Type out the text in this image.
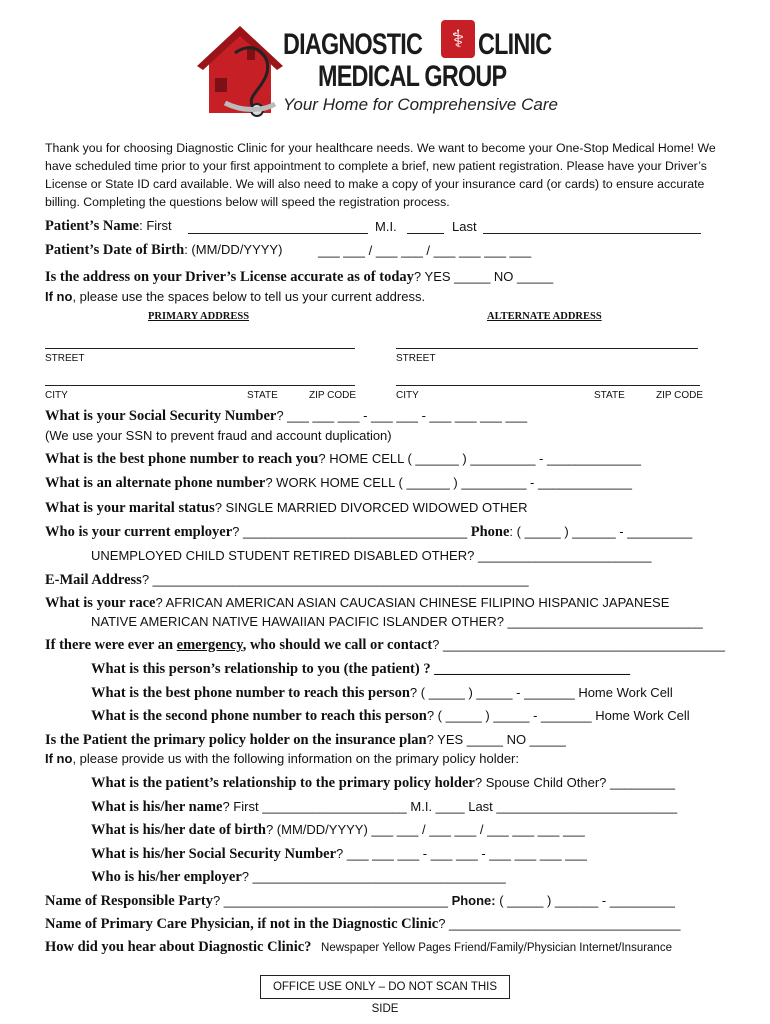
⚕
DIAGNOSTIC CLINIC
MEDICAL GROUP
Your Home for Comprehensive Care
Thank you for choosing Diagnostic Clinic for your healthcare needs. We want to become your One-Stop Medical Home! We have scheduled time prior to your first appointment to complete a brief, new patient registration. Please have your Driver’s License or State ID card available. We will also need to make a copy of your insurance card (or cards) to ensure accurate billing. Completing the questions below will speed the registration process.
Patient’s Name: First	M.I.	Last
Patient’s Date of Birth: (MM/DD/YYYY)	___ ___ / ___ ___ / ___ ___ ___ ___
Is the address on your Driver’s License accurate as of today? YES _____ NO _____
If no, please use the spaces below to tell us your current address.
PRIMARY ADDRESS	ALTERNATE ADDRESS
STREET	STREET
CITY	STATE	ZIP CODE	CITY	STATE	ZIP CODE
What is your Social Security Number? ___ ___ ___ - ___ ___ - ___ ___ ___ ___
(We use your SSN to prevent fraud and account duplication)
What is the best phone number to reach you? HOME CELL ( ______ ) _________ - _____________
What is an alternate phone number? WORK HOME CELL ( ______ ) _________ - _____________
What is your marital status? SINGLE MARRIED DIVORCED WIDOWED OTHER
Who is your current employer? _______________________________ Phone: ( _____ ) ______ - _________
UNEMPLOYED CHILD STUDENT RETIRED DISABLED OTHER? ________________________
E-Mail Address? ____________________________________________________
What is your race? AFRICAN AMERICAN ASIAN CAUCASIAN CHINESE FILIPINO HISPANIC JAPANESE
NATIVE AMERICAN NATIVE HAWAIIAN PACIFIC ISLANDER OTHER? ___________________________
If there were ever an emergency, who should we call or contact? _______________________________________
What is this person’s relationship to you (the patient) ? ___________________________
What is the best phone number to reach this person? ( _____ ) _____ - _______ Home Work Cell
What is the second phone number to reach this person? ( _____ ) _____ - _______ Home Work Cell
Is the Patient the primary policy holder on the insurance plan? YES _____ NO _____
If no, please provide us with the following information on the primary policy holder:
What is the patient’s relationship to the primary policy holder? Spouse Child Other? _________
What is his/her name? First ____________________ M.I. ____ Last _________________________
What is his/her date of birth? (MM/DD/YYYY) ___ ___ / ___ ___ / ___ ___ ___ ___
What is his/her Social Security Number? ___ ___ ___ - ___ ___ - ___ ___ ___ ___
Who is his/her employer? ___________________________________
Name of Responsible Party? _______________________________ Phone: ( _____ ) ______ - _________
Name of Primary Care Physician, if not in the Diagnostic Clinic? ________________________________
How did you hear about Diagnostic Clinic? Newspaper Yellow Pages Friend/Family/Physician Internet/Insurance
OFFICE USE ONLY – DO NOT SCAN THIS SIDE
